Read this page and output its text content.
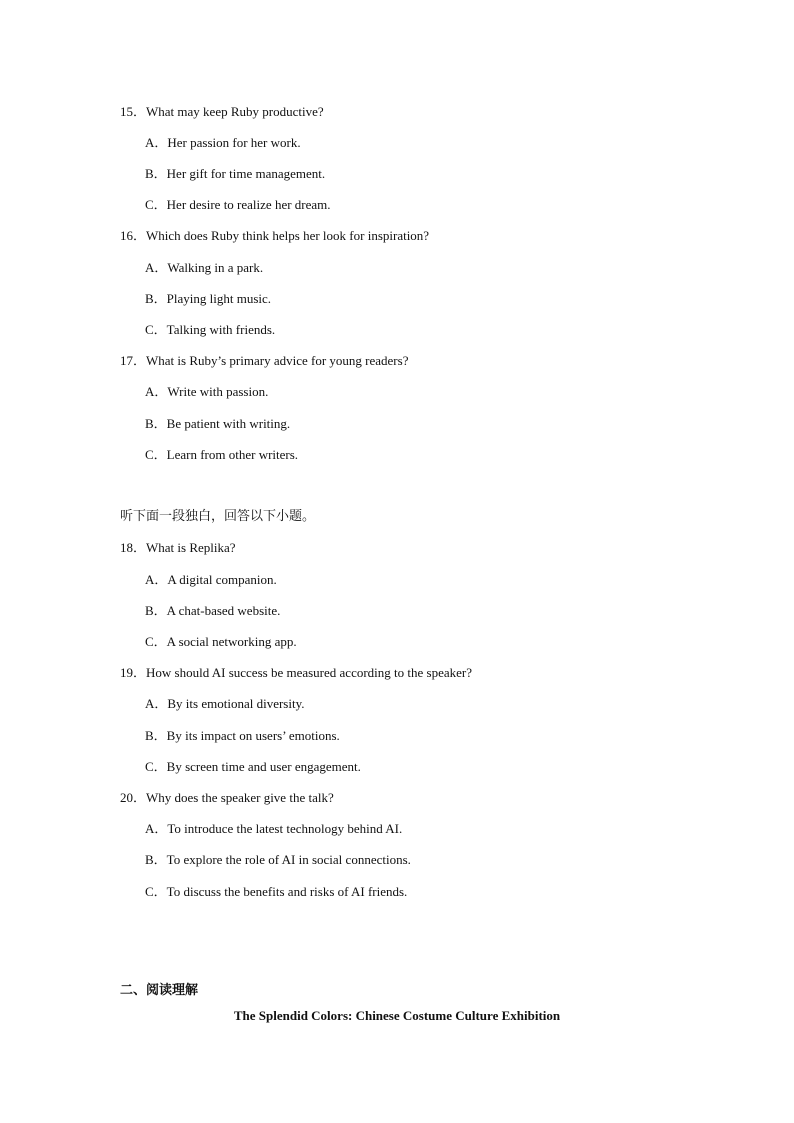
15．What may keep Ruby productive?
A．Her passion for her work.
B．Her gift for time management.
C．Her desire to realize her dream.
16．Which does Ruby think helps her look for inspiration?
A．Walking in a park.
B．Playing light music.
C．Talking with friends.
17．What is Ruby’s primary advice for young readers?
A．Write with passion.
B．Be patient with writing.
C．Learn from other writers.
听下面一段独白，回答以下小题。
18．What is Replika?
A．A digital companion.
B．A chat-based website.
C．A social networking app.
19．How should AI success be measured according to the speaker?
A．By its emotional diversity.
B．By its impact on users’ emotions.
C．By screen time and user engagement.
20．Why does the speaker give the talk?
A．To introduce the latest technology behind AI.
B．To explore the role of AI in social connections.
C．To discuss the benefits and risks of AI friends.
二、阅读理解
The Splendid Colors: Chinese Costume Culture Exhibition
